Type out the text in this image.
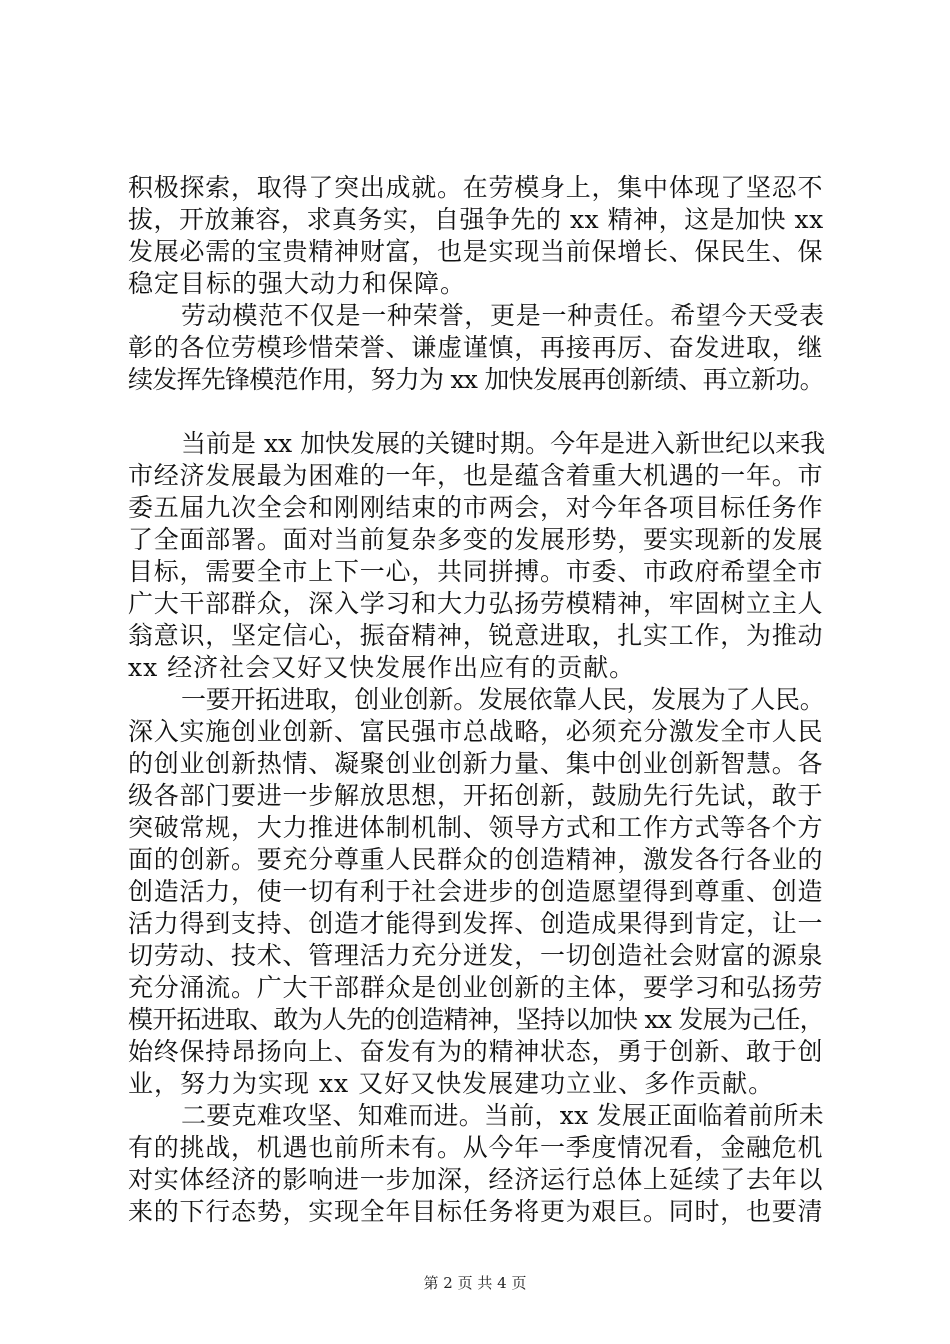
积极探索，取得了突出成就。在劳模身上，集中体现了坚忍不
拔，开放兼容，求真务实，自强争先的 xx 精神，这是加快 xx
发展必需的宝贵精神财富，也是实现当前保增长、保民生、保
稳定目标的强大动力和保障。
劳动模范不仅是一种荣誉，更是一种责任。希望今天受表
彰的各位劳模珍惜荣誉、谦虚谨慎，再接再厉、奋发进取，继
续发挥先锋模范作用，努力为 xx 加快发展再创新绩、再立新功。
当前是 xx 加快发展的关键时期。今年是进入新世纪以来我
市经济发展最为困难的一年，也是蕴含着重大机遇的一年。市
委五届九次全会和刚刚结束的市两会，对今年各项目标任务作
了全面部署。面对当前复杂多变的发展形势，要实现新的发展
目标，需要全市上下一心，共同拼搏。市委、市政府希望全市
广大干部群众，深入学习和大力弘扬劳模精神，牢固树立主人
翁意识，坚定信心，振奋精神，锐意进取，扎实工作，为推动
xx 经济社会又好又快发展作出应有的贡献。
一要开拓进取，创业创新。发展依靠人民，发展为了人民。
深入实施创业创新、富民强市总战略，必须充分激发全市人民
的创业创新热情、凝聚创业创新力量、集中创业创新智慧。各
级各部门要进一步解放思想，开拓创新，鼓励先行先试，敢于
突破常规，大力推进体制机制、领导方式和工作方式等各个方
面的创新。要充分尊重人民群众的创造精神，激发各行各业的
创造活力，使一切有利于社会进步的创造愿望得到尊重、创造
活力得到支持、创造才能得到发挥、创造成果得到肯定，让一
切劳动、技术、管理活力充分迸发，一切创造社会财富的源泉
充分涌流。广大干部群众是创业创新的主体，要学习和弘扬劳
模开拓进取、敢为人先的创造精神，坚持以加快 xx 发展为己任，
始终保持昂扬向上、奋发有为的精神状态，勇于创新、敢于创
业，努力为实现 xx 又好又快发展建功立业、多作贡献。
二要克难攻坚、知难而进。当前，xx 发展正面临着前所未
有的挑战，机遇也前所未有。从今年一季度情况看，金融危机
对实体经济的影响进一步加深，经济运行总体上延续了去年以
来的下行态势，实现全年目标任务将更为艰巨。同时，也要清
第 2 页 共 4 页
